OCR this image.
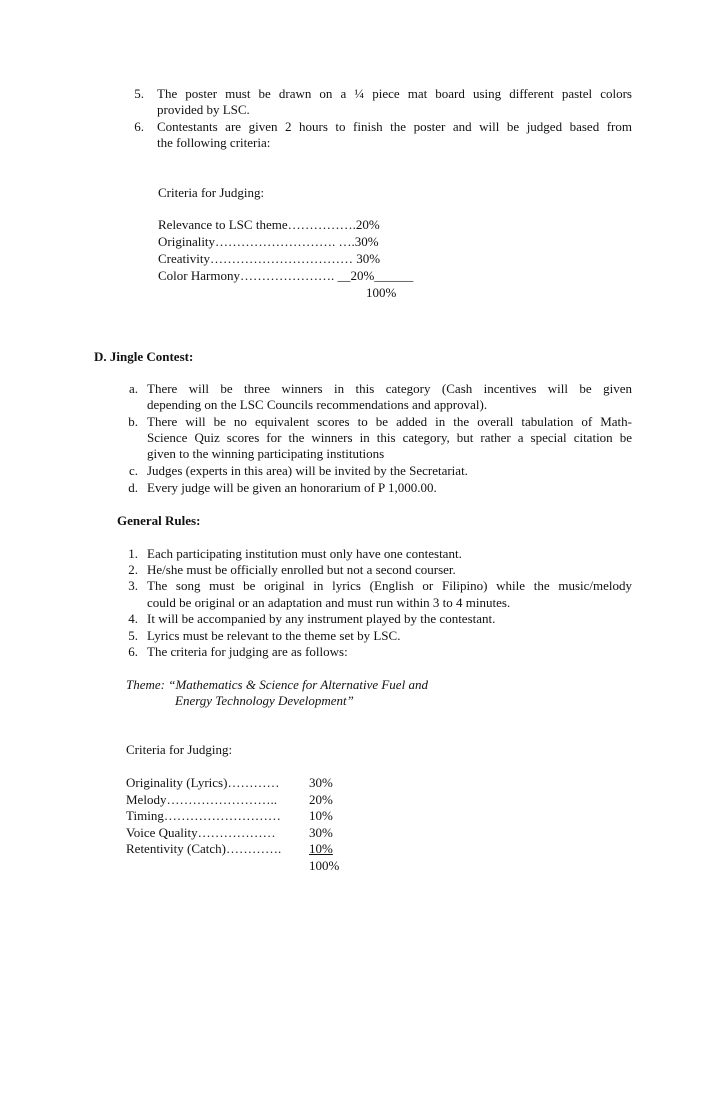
5. The poster must be drawn on a ¼ piece mat board using different pastel colors
provided by LSC.
6. Contestants are given 2 hours to finish the poster and will be judged based from
the following criteria:
Criteria for Judging:
Relevance to LSC theme…………….20%
Originality………………………. ….30%
Creativity…………………………… 30%
Color Harmony…………………. __20%______
100%
D. Jingle Contest:
a. There will be three winners in this category (Cash incentives will be given
depending on the LSC Councils recommendations and approval).
b. There will be no equivalent scores to be added in the overall tabulation of Math-
Science Quiz scores for the winners in this category, but rather a special citation be
given to the winning participating institutions
c. Judges (experts in this area) will be invited by the Secretariat.
d. Every judge will be given an honorarium of P 1,000.00.
General Rules:
1. Each participating institution must only have one contestant.
2. He/she must be officially enrolled but not a second courser.
3. The song must be original in lyrics (English or Filipino) while the music/melody
could be original or an adaptation and must run within 3 to 4 minutes.
4. It will be accompanied by any instrument played by the contestant.
5. Lyrics must be relevant to the theme set by LSC.
6. The criteria for judging are as follows:
Theme: “Mathematics & Science for Alternative Fuel and
Energy Technology Development”
Criteria for Judging:
Originality (Lyrics)………… 30%
Melody…………………….. 20%
Timing……………………… 10%
Voice Quality………………	30%
Retentivity (Catch)…………. 10%
100%
